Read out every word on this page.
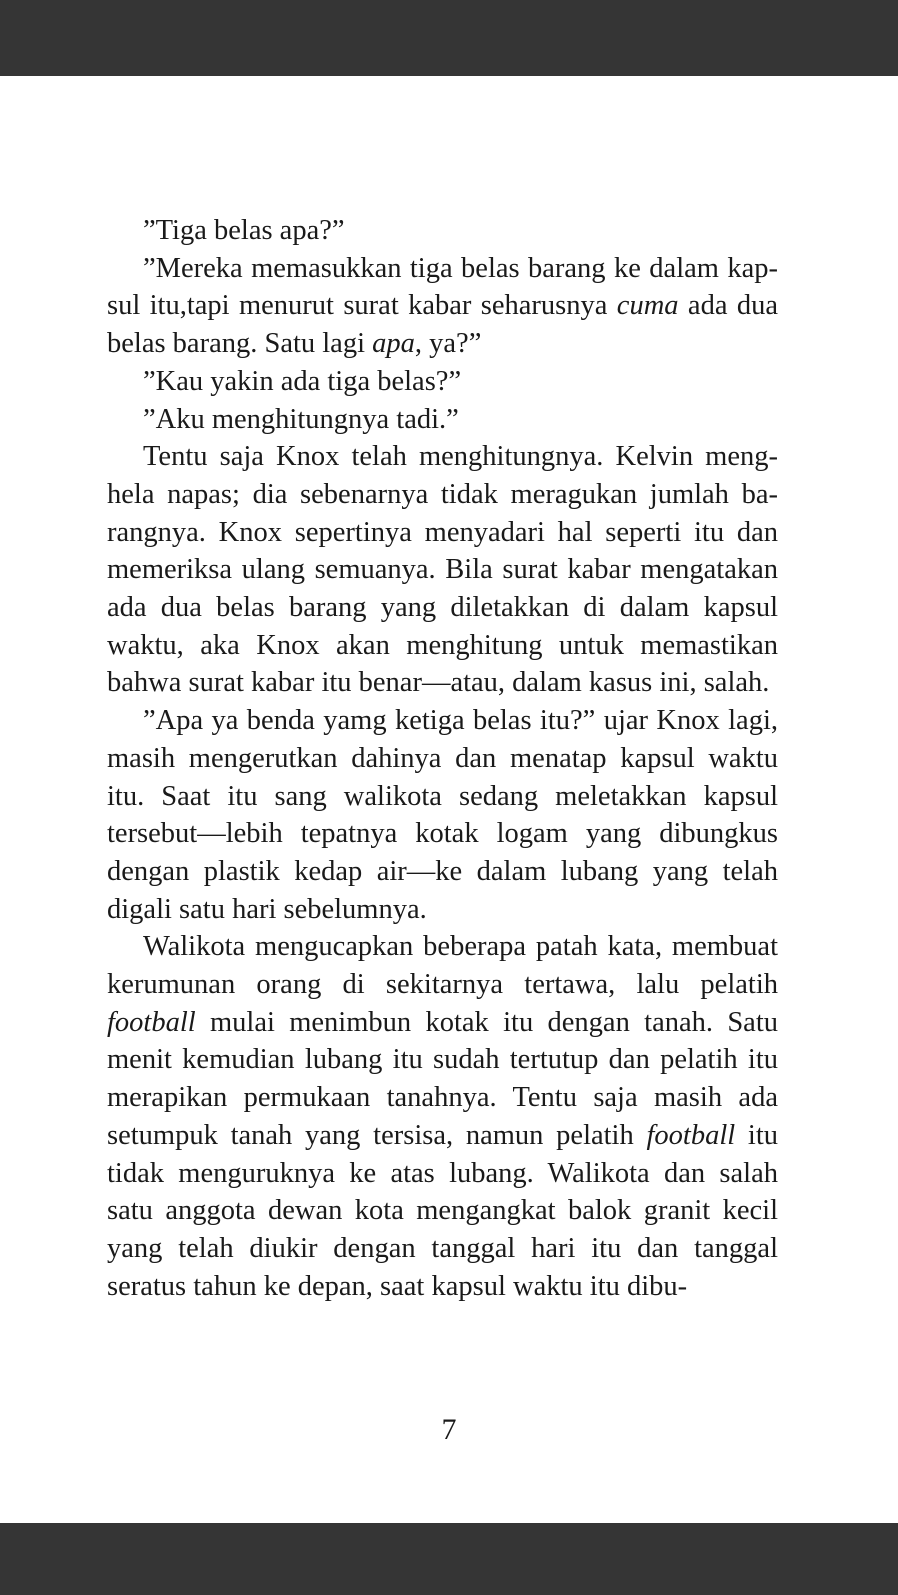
”Tiga belas apa?”

”Mereka memasukkan tiga belas barang ke dalam kapsul itu,tapi menurut surat kabar seharusnya cuma ada dua belas barang. Satu lagi apa, ya?”

”Kau yakin ada tiga belas?”

”Aku menghitungnya tadi.”

Tentu saja Knox telah menghitungnya. Kelvin menghela napas; dia sebenarnya tidak meragukan jumlah barangnya. Knox sepertinya menyadari hal seperti itu dan memeriksa ulang semuanya. Bila surat kabar mengatakan ada dua belas barang yang diletakkan di dalam kapsul waktu, aka Knox akan menghitung untuk memastikan bahwa surat kabar itu benar—atau, dalam kasus ini, salah.

”Apa ya benda yamg ketiga belas itu?” ujar Knox lagi, masih mengerutkan dahinya dan menatap kapsul waktu itu. Saat itu sang walikota sedang meletakkan kapsul tersebut—lebih tepatnya kotak logam yang dibungkus dengan plastik kedap air—ke dalam lubang yang telah digali satu hari sebelumnya.

Walikota mengucapkan beberapa patah kata, membuat kerumunan orang di sekitarnya tertawa, lalu pelatih football mulai menimbun kotak itu dengan tanah. Satu menit kemudian lubang itu sudah tertutup dan pelatih itu merapikan permukaan tanahnya. Tentu saja masih ada setumpuk tanah yang tersisa, namun pelatih football itu tidak menguruknya ke atas lubang. Walikota dan salah satu anggota dewan kota mengangkat balok granit kecil yang telah diukir dengan tanggal hari itu dan tanggal seratus tahun ke depan, saat kapsul waktu itu dibu-

7
